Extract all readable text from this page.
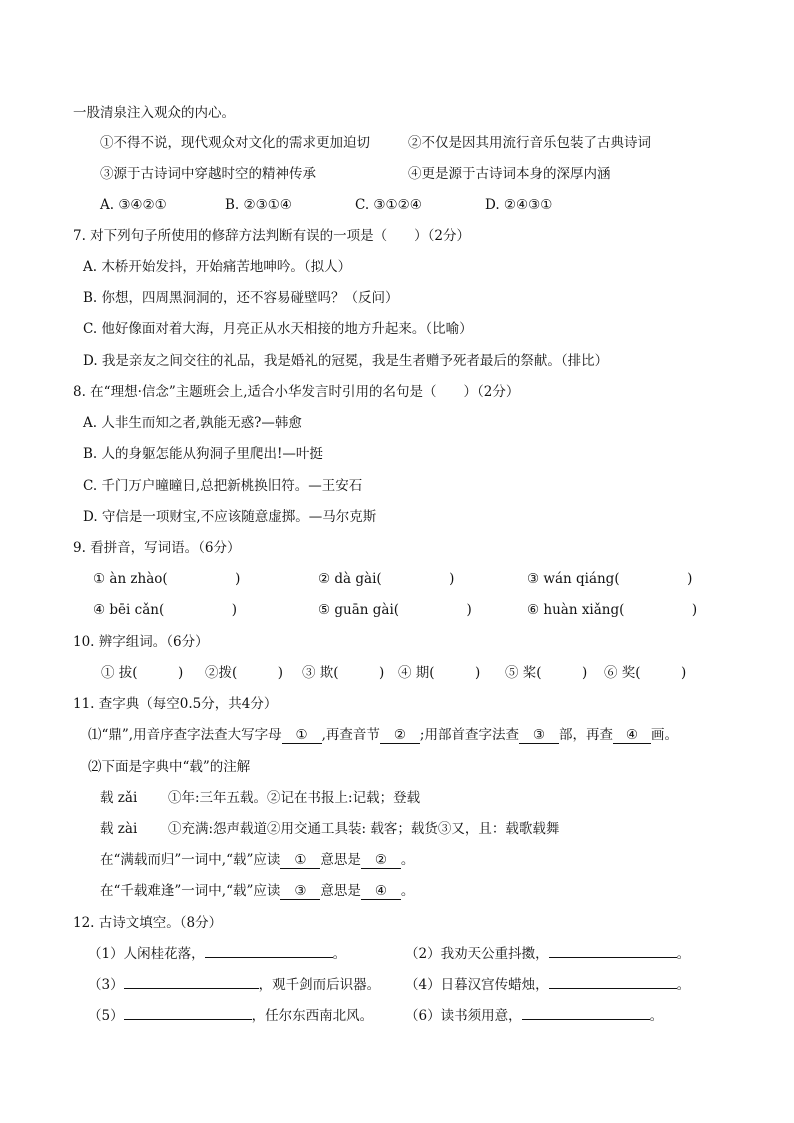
一股清泉注入观众的内心。
①不得不说，现代观众对文化的需求更加迫切	②不仅是因其用流行音乐包装了古典诗词
③源于古诗词中穿越时空的精神传承	④更是源于古诗词本身的深厚内涵
A. ③④②①	B. ②③①④	C. ③①②④	D. ②④③①
7. 对下列句子所使用的修辞方法判断有误的一项是（　　）（2分）
A. 木桥开始发抖，开始痛苦地呻吟。（拟人）
B. 你想，四周黑洞洞的，还不容易碰壁吗？（反问）
C. 他好像面对着大海，月亮正从水天相接的地方升起来。（比喻）
D. 我是亲友之间交往的礼品，我是婚礼的冠冕，我是生者赠予死者最后的祭献。（排比）
8. 在“理想·信念”主题班会上,适合小华发言时引用的名句是（　　）（2分）
A. 人非生而知之者,孰能无惑?—韩愈
B. 人的身躯怎能从狗洞子里爬出!—叶挺
C. 千门万户曈曈日,总把新桃换旧符。—王安石
D. 守信是一项财宝,不应该随意虚掷。—马尔克斯
9. 看拼音，写词语。（6分）
① àn zhào(　　　　　)	② dà gài(　　　　　)	③ wán qiáng(　　　　　)
④ bēi cǎn(　　　　　)	⑤ guān gài(　　　　　)	⑥ huàn xiǎng(　　　　　)
10. 辨字组词。（6分）
① 拔(　　　) ②拨(　　　) ③ 欺(　　　) ④ 期(　　　) ⑤ 桨(　　　) ⑥ 奖(　　　)
11. 查字典（每空0.5分，共4分）
⑴“鼎”,用音序查字法查大写字母 ① ,再查音节 ② ;用部首查字法查 ③ 部，再查 ④ 画。
⑵下面是字典中“载”的注解
载 zǎi ①年:三年五载。②记在书报上:记载；登载
载 zài ①充满:怨声载道②用交通工具装: 载客；载货③又，且：载歌载舞
在“满载而归”一词中,“载”应读 ① 意思是 ② 。
在“千载难逢”一词中,“载”应读 ③ 意思是 ④ 。
12. 古诗文填空。（8分）
（1）人闲桂花落，	。	（2）我劝天公重抖擞，	。
（3）	，观千剑而后识器。 （4）日暮汉宫传蜡烛，	。
（5）	，任尔东西南北风。 （6）读书须用意，	。
